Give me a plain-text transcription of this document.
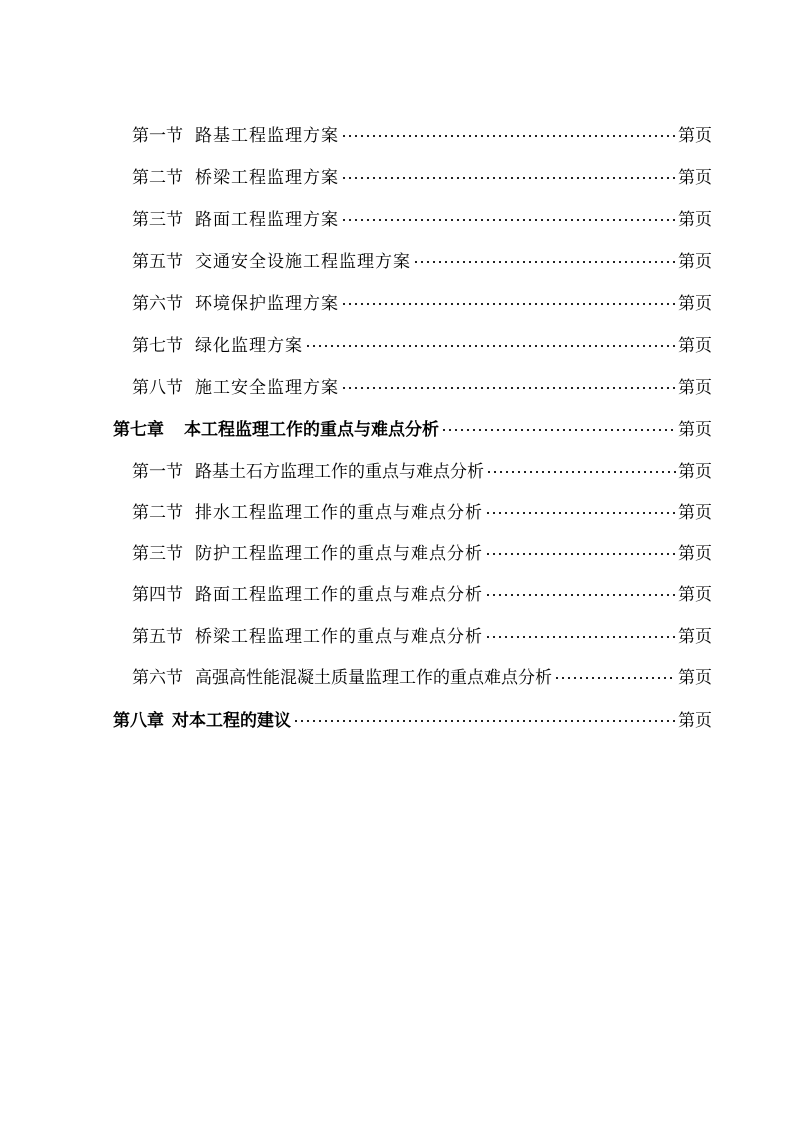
第一节 路基工程监理方案	第页
第二节 桥梁工程监理方案	第页
第三节 路面工程监理方案	第页
第五节 交通安全设施工程监理方案	第页
第六节 环境保护监理方案	第页
第七节 绿化监理方案	第页
第八节 施工安全监理方案	第页
第七章 本工程监理工作的重点与难点分析	第页
第一节 路基土石方监理工作的重点与难点分析	第页
第二节 排水工程监理工作的重点与难点分析	第页
第三节 防护工程监理工作的重点与难点分析	第页
第四节 路面工程监理工作的重点与难点分析	第页
第五节 桥梁工程监理工作的重点与难点分析	第页
第六节 高强高性能混凝土质量监理工作的重点难点分析	第页
第八章 对本工程的建议	第页
